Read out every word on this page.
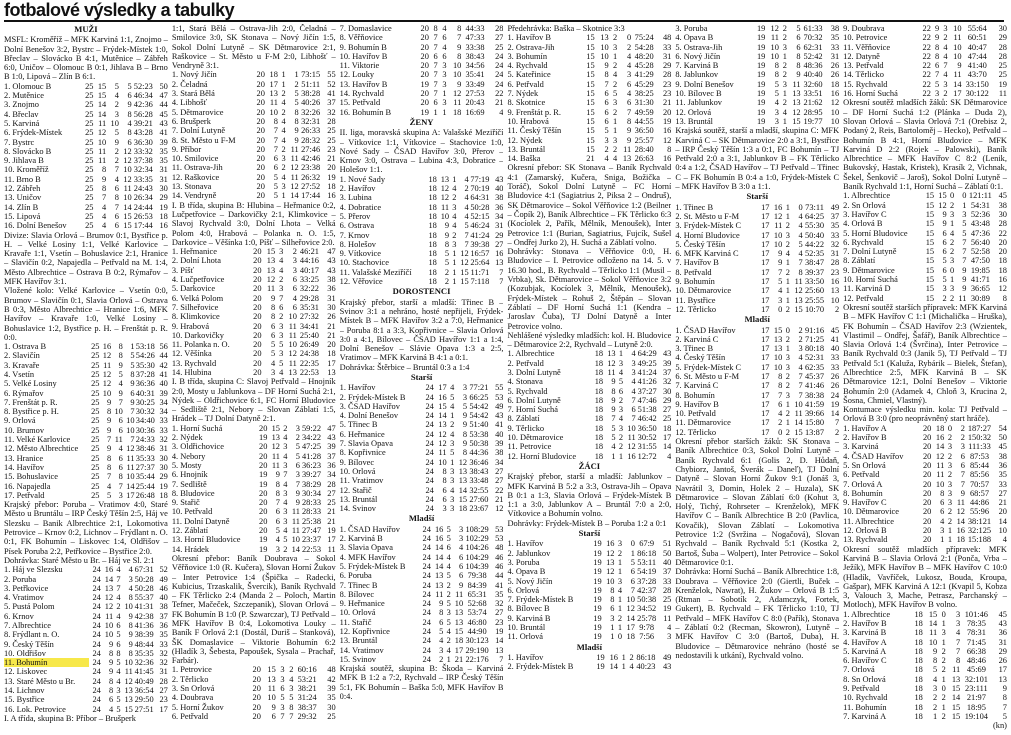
fotbalové výsledky a tabulky
MUŽI
MSFL: Kroměříž – MFK Karviná 1:1, Znojmo – Dolní Benešov 3:2, Bystrc – Frýdek-Místek 1:0, Břeclav – Slovácko B 4:1, Mutěnice – Zábřeh 6:0, Uničov – Olomouc B 0:1, Jihlava B – Brno B 1:0, Lipová – Zlín B 6:1.
1. Olomouc B	25	15	5	5	52:23	50
2. Mutěnice	25	15	4	6	46:34	47
3. Znojmo	25	14	2	9	42:36	44
4. Břeclav	25	14	3	8	56:28	45
5. Karviná	25	11	10	4	39:21	43
6. Frýdek-Místek	25	12	5	8	43:28	41
7. Bystrc	25	10	9	6	36:30	39
8. Slovácko B	25	11	2	12	33:32	35
9. Jihlava B	25	11	2	12	37:38	35
10. Kroměříž	25	8	7	10	32:34	31
11. Brno B	25	9	4	12	33:35	31
12. Zábřeh	25	8	6	11	24:43	30
13. Uničov	25	7	8	10	26:34	29
14. Zlín B	25	4	7	14	24:44	19
15. Lipová	25	4	6	15	26:53	18
16. Dolní Benešov	25	4	6	15	17:44	16
Divize: Slavia Orlová – Brumov 0:1, Bystřice p. H. – Velké Losiny 1:1, Velké Karlovice – Kravaře 1:1, Vsetín – Bohuslavice 2:1, Hranice – Slavičín 0:2, Napajedla – Petřvald na M. 1:4, Město Albrechtice – Ostrava B 0:2, Rýmařov – MFK Havířov 3:1.
Vložené kolo: Velké Karlovice – Vsetín 0:0, Brumov – Slavičín 0:1, Slavia Orlová – Ostrava B 0:3, Město Albrechtice – Hranice 1:6, MFK Havířov – Kravaře 1:0, Velké Losiny – Bohuslavice 1:2, Bystřice p. H. – Frenštát p. R. 0:0.
1. Ostrava B	25	16	8	1	53:18	56
2. Slavičín	25	12	8	5	54:26	44
3. Kravaře	25	11	9	5	35:30	42
4. Vsetín	25	12	5	8	37:28	41
5. Velké Losiny	25	12	4	9	36:36	40
6. Rýmařov	25	10	9	6	40:31	39
7. Frenštát p. R.	25	9	7	9	30:25	34
8. Bystřice p. H.	25	8	10	7	30:32	34
9. Orlová	25	9	6	10	34:40	33
10. Brumov	25	9	6	10	30:36	33
11. Velké Karlovice	25	7	11	7	24:33	32
12. Město Albrechtice	25	9	4	12	38:46	31
13. Hranice	25	8	6	11	35:33	30
14. Havířov	25	8	6	11	27:37	30
15. Bohuslavice	25	7	8	10	35:44	29
16. Napajedla	25	4	7	14	25:44	19
17. Petřvald	25	5	3	17	26:48	18
Krajský přebor: Poruba – Vratimov 4:0, Staré Město u Bruntálu – IRP Český Těšín 2:5, Háj ve Slezsku – Banik Albrechtice 2:1, Lokomotiva Petrovice – Krnov 0:2, Lichnov – Frýdlant n. O. 0:1, FK Bohumín – Liskovec 1:4, Oldřišov – Písek Poruba 2:2, Petřkovice – Bystřice 2:0.
Dohrávka: Staré Město u Br. – Háj ve Sl. 2:1
1. Háj ve Slezsku	24	16	4	4	67:31	52
2. Poruba	24	14	7	3	50:28	49
3. Petřkovice	24	13	7	4	50:28	46
4. Vratimov	24	12	4	8	55:37	40
5. Pustá Polom	24	12	2	10	41:31	38
6. Krnov	24	11	4	9	42:38	37
7. Albrechtice	24	10	6	8	41:36	36
8. Frýdlant n. O.	24	10	5	9	38:39	35
9. Český Těšín	24	9	6	9	48:44	33
10. Oldřišov	24	8	8	8	35:35	32
11. Bohumín	24	9	5	10	32:36	32
12. Liskovec	24	9	4	11	41:45	31
13. Staré Město u Br.	24	8	4	12	40:49	28
14. Lichnov	24	8	3	13	36:54	27
15. Bystřice	24	6	5	13	29:50	23
16. Lok. Petrovice	24	4	5	15	27:51	17
I. A třída, skupina B: Příbor – Brušperk
1:1, Stará Bělá – Ostrava-Jih 2:0, Čeladná – Smilovice 3:0, SK Stonava – Nový Jičín 1:5, Sokol Dolní Lutyně – SK Dětmarovice 2:1, Raškovice – St. Město u F-M 2:0, Libhošť – Vendryně 3:1.
1. Nový Jičín	20	18	1	1	73:15	55
2. Čeladná	20	17	1	2	51:11	52
3. Stará Bělá	20	13	2	5	38:28	41
4. Libhošť	20	11	4	5	40:26	37
5. Dětmarovice	20	10	2	8	32:26	32
6. Brušperk	20	8	4	8	32:31	28
7. Dolní Lutyně	20	7	4	9	26:33	25
8. St. Město u F-M	20	7	4	9	28:32	25
9. Příbor	20	7	2	11	27:46	23
10. Smilovice	20	6	3	11	42:46	21
11. Ostrava-Jih	20	6	2	12	23:38	20
12. Raškovice	20	5	4	11	26:32	19
13. Stonava	20	5	3	12	27:52	18
14. Vendryně	20	5	1	14	17:44	16
I. B třída, skupina B: Hlubina – Heřmanice 0:2, Lučpetřovice – Darkovičky 2:1, Klimkovice – Slavoj Rychvald 3:0, Dolní Lhota – Velká Polom 4:0, Hrabová – Polanka n. O. 1:5, Darkovice – Věšínka 1:0, Píšť – Silheřovice 2:0.
1. Heřmanice	20	15	3	2	46:21	47
2. Dolní Lhota	20	13	4	3	44:16	43
3. Píšť	20	13	4	3	40:17	43
4. Lučpetřovice	20	12	2	6	33:25	38
5. Darkovice	20	11	3	6	32:22	36
6. Velká Polom	20	9	7	4	29:28	31
7. Silheřovice	20	8	6	6	35:31	30
8. Klimkovice	20	8	2	10	27:32	26
9. Hrabová	20	6	3	11	34:41	21
10. Darkovičky	20	6	3	11	25:40	21
11. Polanka n. O.	20	5	5	10	26:49	20
12. Věšínka	20	5	3	12	24:38	18
13. Rychvald	20	4	5	11	22:35	17
14. Hlubina	20	3	4	13	22:53	13
I. B třída, skupina C: Slavoj Petřvald – Hnojník 2:0, Mosty u Jablunkova – DF Horní Suchá 2:1, Nýdek – Oldřichovice 6:1, FC Horní Bludovice – Sedliště 2:1, Nebory – Slovan Záblatí 1:5, Hrádek – TJ Dolní Datyně 2:1.
1. Horní Suchá	20	15	2	3	59:22	47
2. Nýdek	19	13	4	2	34:22	43
3. Oldřichovice	20	12	3	5	47:25	39
4. Nebory	20	11	4	5	41:28	37
5. Mosty	20	11	3	6	36:23	36
6. Hnojník	19	9	7	3	39:27	34
7. Sedliště	19	8	4	7	38:29	28
8. Bludovice	20	8	3	9	30:34	27
9. Stařič	20	7	4	9	28:33	25
10. Petřvald	20	6	3	11	28:33	21
11. Dolní Datyně	20	6	3	11	25:38	21
12. Záblatí	20	5	4	11	27:47	19
13. Horní Bludovice	19	4	5	10	23:37	17
14. Hrádek	19	3	2	14	22:53	11
Okresní přebor: Baník Doubrava – Sokol Věřňovice 1:0 (R. Kučera), Slovan Horní Žukov – Inter Petrovice 1:4 (Špička – Radecki, Kubicius, Trzaskalik, Švercik), Baník Rychvald – FK Těrlicko 2:4 (Manda 2 – Poloch, Martin Tefner, Mačeček, Szczepanik), Slovan Orlová – FK Bohumín B 1:0 (P. Szwarczar), TJ Petřvald – MFK Havířov B 0:4, Lokomotiva Louky – Baník F Orlová 2:1 (Dostál, Duriš – Stanková), ŠK Domaslavice – Viktorie Bohumín 6:2 (Hladík 3, Šebesta, Papoušek, Sysala – Prachař, Farbár).
1. Petrovice	20	15	3	2	60:16	48
2. Těrlicko	20	13	3	4	53:21	42
3. Sn Orlová	20	11	6	3	38:21	39
4. Doubrava	20	10	5	5	31:24	35
5. Horní Žukov	20	9	3	8	38:37	30
6. Petřvald	20	6	7	7	29:32	25
7. Domaslavice	20	8	4	8	44:33	28
8. Věřňovice	20	7	6	7	47:33	27
9. Bohumín B	20	7	4	9	33:38	25
10. Havířov B	20	6	6	8	38:43	24
11. Viktorie	20	7	3	10	34:56	24
12. Louky	20	7	3	10	35:41	24
13. Havířov B	19	7	3	9	33:49	24
14. Rychvald	20	7	1	12	27:53	22
15. Petřvald	20	6	3	11	20:43	21
16. Bohumín B	19	1	1	18	16:69	4
ŽENY
II. liga, moravská skupina A: Valašské Meziříčí – Vítkovice 1:1, Vítkovice – Stachovice 1:0, Nové Sady – ČSAD Havířov 3:0, Přerov – Krnov 3:0, Ostrava – Lubina 4:3, Dobratice – Holešov 1:1.
1. Nové Sady	18	13	1	4	77:19	43
2. Havířov	18	12	4	2	70:19	40
3. Lubina	18	12	2	4	64:31	38
4. Dobratice	18	11	3	4	50:28	36
5. Přerov	18	10	4	4	52:15	34
6. Ostrava	18	9	4	5	46:24	31
7. Krnov	18	9	2	7	41:24	29
8. Holešov	18	8	3	7	39:38	27
9. Vítkovice	18	5	1	12	16:57	16
10. Stachovice	18	5	1	12	25:64	13
11. Valašské Meziříčí	18	2	1	15	11:71	7
12. Věřovice	18	2	1	15	7:118	7
DOROSTENCI
Krajský přebor, starší a mladší: Třinec B – Svinov 3:1 a nehráno, hosté nepřijeli, Frýdek-Místek B – MFK Havířov 3:2 a 7:0, Heřmanice – Poruba 8:1 a 3:3, Kopřivnice – Slavia Orlová 3:0 a 4:1, Bílovec – ČSAD Havířov 1:1 a 1:4, Dolní Benešov – Slávie Opava 1:3 a 2:5, Vratimov – MFK Karviná B 4:1 a 0:1.
Dohrávka: Štěrbice – Bruntál 0:3 a 1:4
Starší
1. Havířov	24	17	4	3	77:21	55
2. Frýdek-Místek B	24	16	5	3	66:25	53
3. ČSAD Havířov	24	15	4	5	54:42	49
4. Dolní Benešov	24	14	1	9	54:42	43
5. Třinec B	24	13	2	9	51:40	41
6. Heřmanice	24	12	4	8	53:38	40
7. Slavia Opava	24	12	3	9	50:38	39
8. Kopřivnice	24	11	5	8	44:36	38
9. Bílovec	24	10	1	12	36:46	34
10. Orlová	24	8	3	13	38:43	27
11. Vratimov	24	8	3	13	33:48	27
12. Stařič	24	6	4	14	32:55	22
13. Bruntál	24	6	3	15	27:60	21
14. Svinov	24	3	3	18	23:67	12
Mladší
1. ČSAD Havířov	24	16	5	3	108:29	53
2. Karviná B	24	16	5	3	102:29	53
3. Slavia Opava	24	14	6	4	104:26	48
4. MFK Havířov	24	14	4	6	104:29	46
5. Frýdek-Místek B	24	14	4	6	104:39	46
6. Poruba	24	13	5	6	79:38	44
7. Třinec B	24	13	2	9	84:39	41
8. Bílovec	24	11	2	11	65:31	35
9. Heřmanice	24	9	5	10	52:68	32
10. Orlová	24	8	3	13	53:74	27
11. Stařič	24	6	5	13	46:80	23
12. Kopřivnice	24	5	4	15	44:90	19
13. Bruntál	24	4	2	18	30:123	14
14. Vratimov	24	3	4	17	29:190	13
15. Svinov	24	2	1	21	22:176	7
Krajská soutěž, skupina B: Škoda – Karviná MFK B 1:2 a 7:2, Rychvald – IRP Český Těšín 5:1, FK Bohumín – Baška 5:0, MFK Havířov B 0:4.
Předehrávka: Baška – Skotnice 3:3
1. Havířov B	15	13	2	0	75:24	48
2. Ostrava-Jih	15	10	3	2	54:28	33
3. Bohumín	15	10	1	4	48:20	31
4. Rychvald	15	9	2	4	45:28	29
5. Kateřinice	15	8	4	3	41:29	28
6. Petřvald	15	7	2	6	45:29	23
7. Nýdek	15	6	5	4	38:25	23
8. Skotnice	15	6	3	6	31:30	21
9. Frenštát p. R.	15	6	2	7	49:59	20
10. Hrabová	15	6	1	8	44:55	19
11. Český Těšín	15	5	1	9	36:50	16
12. Nýdek	15	3	3	9	25:57	12
13. Bruntál	15	2	2	11	28:40	8
14. Baška	21	4	4	13	26:63	16
Okresní přebor: SK Stonava – Baník Rychvald 4:1 (Zamarský, Kučera, Sniga, Božička – Toráč), Sokol Dolní Lutyně – FC Horní Bludovice 4:1 (Sagiatrius 2, Piksa 2 – Ondruš), SK Dětmarovice – Sokol Věřňovice 1:2 (Beilner – Čopík 2), Baník Albrechtice – FK Těrlicko 6:3 (Kocíolek 2, Pařík, Mělník, Menoušek), Inter Petrovice 1:1 (Burian, Sagiatrius, Fujcík, Sušel – Ondřej Jurko 2), H. Suchá a Záblatí volno.
Dohrávky: Stonava – Věřňovice 0:0, H. Bludovice – I. Petrovice odloženo na 14. 5. v 16.30 hod., B. Rychvald – Těrlicko 1:1 (Musil – Vrbka), Sk. Dětmarovice – Sokol Věřňovice 3:2 (Kozubjak, Kocíolek 3, Mělník, Menoušek), Frýdek-Místek – Rohuš 2, Štěpán – Slovan Záblatí – DF Horní Suchá 1:1 (Kendra – Jaroslav Čuba), TJ Dolní Datyně a Inter Petrovice volno.
Nehlášené výsledky mladších: kol. H. Bludovice – Dětmarovice 2:2, Rychvald – Lutyně 2:0.
1. Albrechtice	18	13	1	4	64:29	43
2. Petřvald	18	12	3	3	49:25	39
3. Dolní Lutyně	18	11	4	3	41:24	37
4. Stonava	18	9	5	4	41:26	32
5. Rychvald	18	8	6	4	37:27	30
6. Dolní Lutyně	18	9	2	7	47:46	29
7. Horní Suchá	18	9	3	6	51:38	27
8. Záblatí	18	7	4	7	46:42	25
9. Těrlicko	18	5	3	10	36:50	18
10. Dětmarovice	18	5	2	11	30:52	17
11. Petrovice	18	4	2	12	31:55	14
12. Horní Bludovice	18	1	1	16	12:72	4
ŽÁCI
Krajský přebor, starší a mladší: Jablunkov – MFK Karviná B 5:2 a 3:3, Ostrava-Jih – Opava B 0:1 a 1:3, Slavia Orlová – Frýdek-Místek B 1:1 a 3:0, Jablunkov A – Bruntál 7:0 a 2:0, Vítkovice a Bohumín volno.
Dohrávky: Frýdek-Místek B – Poruba 1:2 a 0:1
Starší
1. Havířov	19	16	3	0	67:9	51
2. Jablunkov	19	12	2	1	86:18	50
3. Poruba	19	13	1	5	53:11	40
4. Opava B	19	12	1	6	54:19	37
5. Nový Jičín	19	10	3	6	37:28	33
6. Orlová	19	8	4	7	42:37	28
7. Frýdek-Místek B	19	8	1	10	50:38	25
8. Bílovec B	19	6	1	12	34:52	19
9. Karviná B	19	3	2	14	25:78	11
10. Bruntál	19	1	1	17	9:78	4
11. Orlová	19	1	0	18	7:56	3
Mladší
1. Havířov	19	16	1	2	86:18	49
2. Frýdek-Místek B	19	14	1	4	40:23	43
3. Poruba	19	12	2	5	61:33	38
4. Opava B	19	11	2	6	70:32	35
5. Ostrava-Jih	19	10	3	6	62:31	33
6. Nový Jičín	19	10	1	8	52:42	31
7. Karviná B	19	8	2	8	48:36	26
8. Jablunkov	19	8	2	9	40:40	26
9. Dolní Benešov	19	5	3	11	32:60	18
10. Bílovec B	19	5	1	13	33:51	16
11. Jablunkov	19	4	2	13	21:62	12
12. Orlová	19	3	4	12	28:95	10
13. Bruntál	19	3	1	15	19:77	10
Krajská soutěž, starší a mladší, skupina C: MFK Karviná C – SK Dětmarovice 2:0 a 3:1, Bystřice – IRP Český Těšín 1:3 a 0:1, FC Bohumín – TJ Petřvald 2:0 a 3:1, Jablunkov B – FK Těrlicko 0:4 a 1:2, ČSAD Havířov – TJ Petřvald – Třinec C – FK Bohumín B 0:4 a 1:0, Frýdek-Místek C – MFK Havířov B 3:0 a 1:1.
Starší
1. Třinec B	17	16	1	0	73:11	49
2. St. Město u F-M	17	12	1	4	64:25	37
3. Frýdek-Místek C	17	11	2	4	55:30	35
4. Horní Bludovice	17	10	3	4	50:40	33
5. Český Těšín	17	10	2	5	44:22	32
6. MFK Karviná C	17	9	4	4	52:35	31
7. Havířov B	17	9	1	7	38:47	28
8. Petřvald	17	7	2	8	39:37	23
9. Bohumín	17	5	1	11	33:50	16
10. Dětmarovice	17	4	1	12	25:60	13
11. Bystřice	17	3	1	13	25:55	10
12. Těrlicko	17	0	2	15	10:70	2
Mladší
1. ČSAD Havířov	17	15	0	2	91:16	45
2. Karviná C	17	13	2	2	71:25	41
3. Třinec B	17	13	1	3	80:18	40
4. Český Těšín	17	10	3	4	52:31	33
5. Frýdek-Místek C	17	10	3	4	62:35	33
6. St. Město u F-M	17	8	2	7	45:37	26
7. Karviná C	17	8	2	7	41:46	26
8. Bohumín	17	7	3	7	38:38	24
9. Havířov B	17	6	1	10	41:59	19
10. Petřvald	17	4	2	11	39:66	14
11. Dětmarovice	17	2	1	14	15:80	7
12. Těrlicko	17	0	2	15	13:87	2
Okresní přebor starších žáků: SK Stonava – Baník Albrechtice 0:3, Sokol Dolní Lutyně – Baník Rychvald 6:1 (Golis 2, D. Hůdaň, Chybiorz, Jantoš, Šverák – Daneľ), TJ Dolní Datyně – Slovan Horní Žukov 9:1 (Jonáš 3, Navrátil 3, Domin, Holek 2 – Huzala), SK Dětmarovice – Slovan Záblatí 6:0 (Kohut 3, Holý, Tichý, Rohrseter – Krenželok), MFK Havířov C – Baník Albrechtice B 2:0 (Pavlica, Kovačik), Slovan Záblatí – Lokomotiva Petrovice 1:2 (Svržina – Nogačová), Slovan Rychvald – Baník Rychvald 5:1 (Kostka 2, Bartoš, Šuba – Wolpert), Inter Petrovice – Sokol Dětmarovice 0:1.
Dohrávka: Horní Suchá – Baník Albrechtice 1:8, Doubrava – Věřňovice 2:0 (Giertli, Buček – Krenželok, Nawrat), H. Žukov – Orlová B 1:5 (Rtman – Sobotík 2, Adamczyk, Fortek, Gukert), B. Rychvald – FK Těrlicko 1:10, TJ Petřvald – MFK Havířov C 8:0 (Pařík), Stonava – Záblatí 0:2 (Recman, Skowron), Lutyně – MFK Havířov C 3:0 (Bartoš, Duba), H. Bludovice – Dětmarovice nehráno (hosté se nedostavili k utkání), Rychvald volno.
9. Doubrava	22	9	3	10	55:64	30
10. Petrovice	22	9	2	11	60:51	29
11. Věřňovice	22	8	4	10	40:47	28
12. Datyně	22	8	4	10	47:44	28
13. Petřvald	22	6	7	9	41:40	25
14. Těrlicko	22	7	4	11	43:70	25
15. Rychvald	22	5	3	14	33:150	19
16. Horní Suchá	22	3	2	17	30:122	11
Okresní soutěž mladších žáků: SK Dětmarovice – DF Horní Suchá 1:2 (Plánka – Duda 2), Slovan Orlová – Slavia Orlová 7:1 (Orebisz 2, Podaný 2, Reis, Bartoloměj – Hecko), Petřvald – Bohumín B 4:1, Horní Bludovice – MFK Karviná D 2:2 (Rojek – Palowski), Baník Albrechtice – MFK Havířov C 8:2 (Lenik, Bukovský, Hastak, Kristek), Krasík 2, Vichnak, Šekel, Šenkovič – Jaroš), Sokol Dolní Lutyně – Baník Rychvald 1:1, Horní Suchá – Záblatí 0:1.
1. Albrechtice	15	15	0	0	121:11	45
2. Sn Orlová	15	12	2	1	54:31	38
3. Havířov C	15	9	3	3	52:36	30
4. Orlová B	15	9	1	5	43:48	28
5. Horní Bludovice	15	6	4	5	47:36	22
6. Rychvald	15	6	2	7	56:40	20
7. Dolní Lutyně	15	6	2	7	52:58	20
8. Záblatí	15	5	3	7	47:50	18
9. Dětmarovice	15	6	0	9	19:85	18
10. Horní Suchá	15	5	1	9	41:71	16
11. Karviná D	15	3	3	9	36:65	12
12. Petřvald	15	2	2	11	30:89	8
Okresní soutěž starších přípravek: MFK Karviná B – MFK Havířov C 1:1 (Michalička – Hruška), FK Bohumín – ČSAD Havířov 2:3 (Wzientek, Vlastimil – Ondřej, Šafář), Baník Albrechtice – Slavia Orlová 1:4 (Švrčina), Inter Petrovice – Baník Rychvald 0:3 (Janik 5), TJ Petřvald – TJ Petřvald 5:1 (Kaluža, Rybárik – Bielek, Štefan), Albrechtice 2:5, MFK Karviná B – SK Dětmarovice 12:1, Dolní Benešov – Viktorie Bohumín 2:0 (Adamek 4, Chloň 3, Krucina 2, Šosna, Chmiel, Vlastný).
Kontumace výsledku min. kola: TJ Petřvald – Orlová B 3:0 (pro neoprávněný start hráče).
1. Havířov A	20	18	0	2	187:27	54
2. Havířov B	20	16	2	2	150:32	50
3. Karviná	20	14	3	3	111:33	45
4. ČSAD Havířov	20	12	2	6	87:53	38
5. Sn Orlová	20	11	3	6	85:44	36
6. Petřvald	20	11	2	7	85:56	35
7. Orlová A	20	10	3	7	70:57	33
8. Bohumín	20	8	3	9	68:57	27
9. Havířov C	20	6	3	11	44:86	21
10. Dětmarovice	20	6	2	12	55:96	20
11. Albrechtice	20	4	2	14	38:121	14
12. Orlová B	20	3	1	16	32:125	10
13. Rychvald	20	1	1	18	15:188	4
Okresní soutěž mladších přípravek: MFK Karviná B – Slavia Orlová 2:1 (Ponča, Vrba – Ježík), MFK Havířov B – MFK Havířov C 10:0 (Hladík, Vavříček, Lukosz, Bouda, Kroupa, Gašpar), MFK Karviná A 12:1 (Kvapil 5, Kobza 3, Valouch 3, Mache, Petrasz, Parchanský – Motloch), MFK Havířov B volno.
1. Albrechtice	18	15	0	3	101:46	45
2. Havířov B	18	14	1	3	78:35	43
3. Karviná B	18	11	3	4	78:31	36
4. Havířov A	18	10	1	7	71:45	31
5. Karviná A	18	9	2	7	66:38	29
6. Havířov C	18	8	2	8	48:46	26
7. Orlová	18	5	2	11	45:69	17
8. Sn Orlová	18	4	1	13	32:101	13
9. Petřvald	18	3	0	15	23:111	9
10. Rychvald	18	2	2	14	21:97	8
11. Bohumín	18	2	1	15	18:95	7
7. Karviná A	18	1	2	15	19:104	5
(kn)
